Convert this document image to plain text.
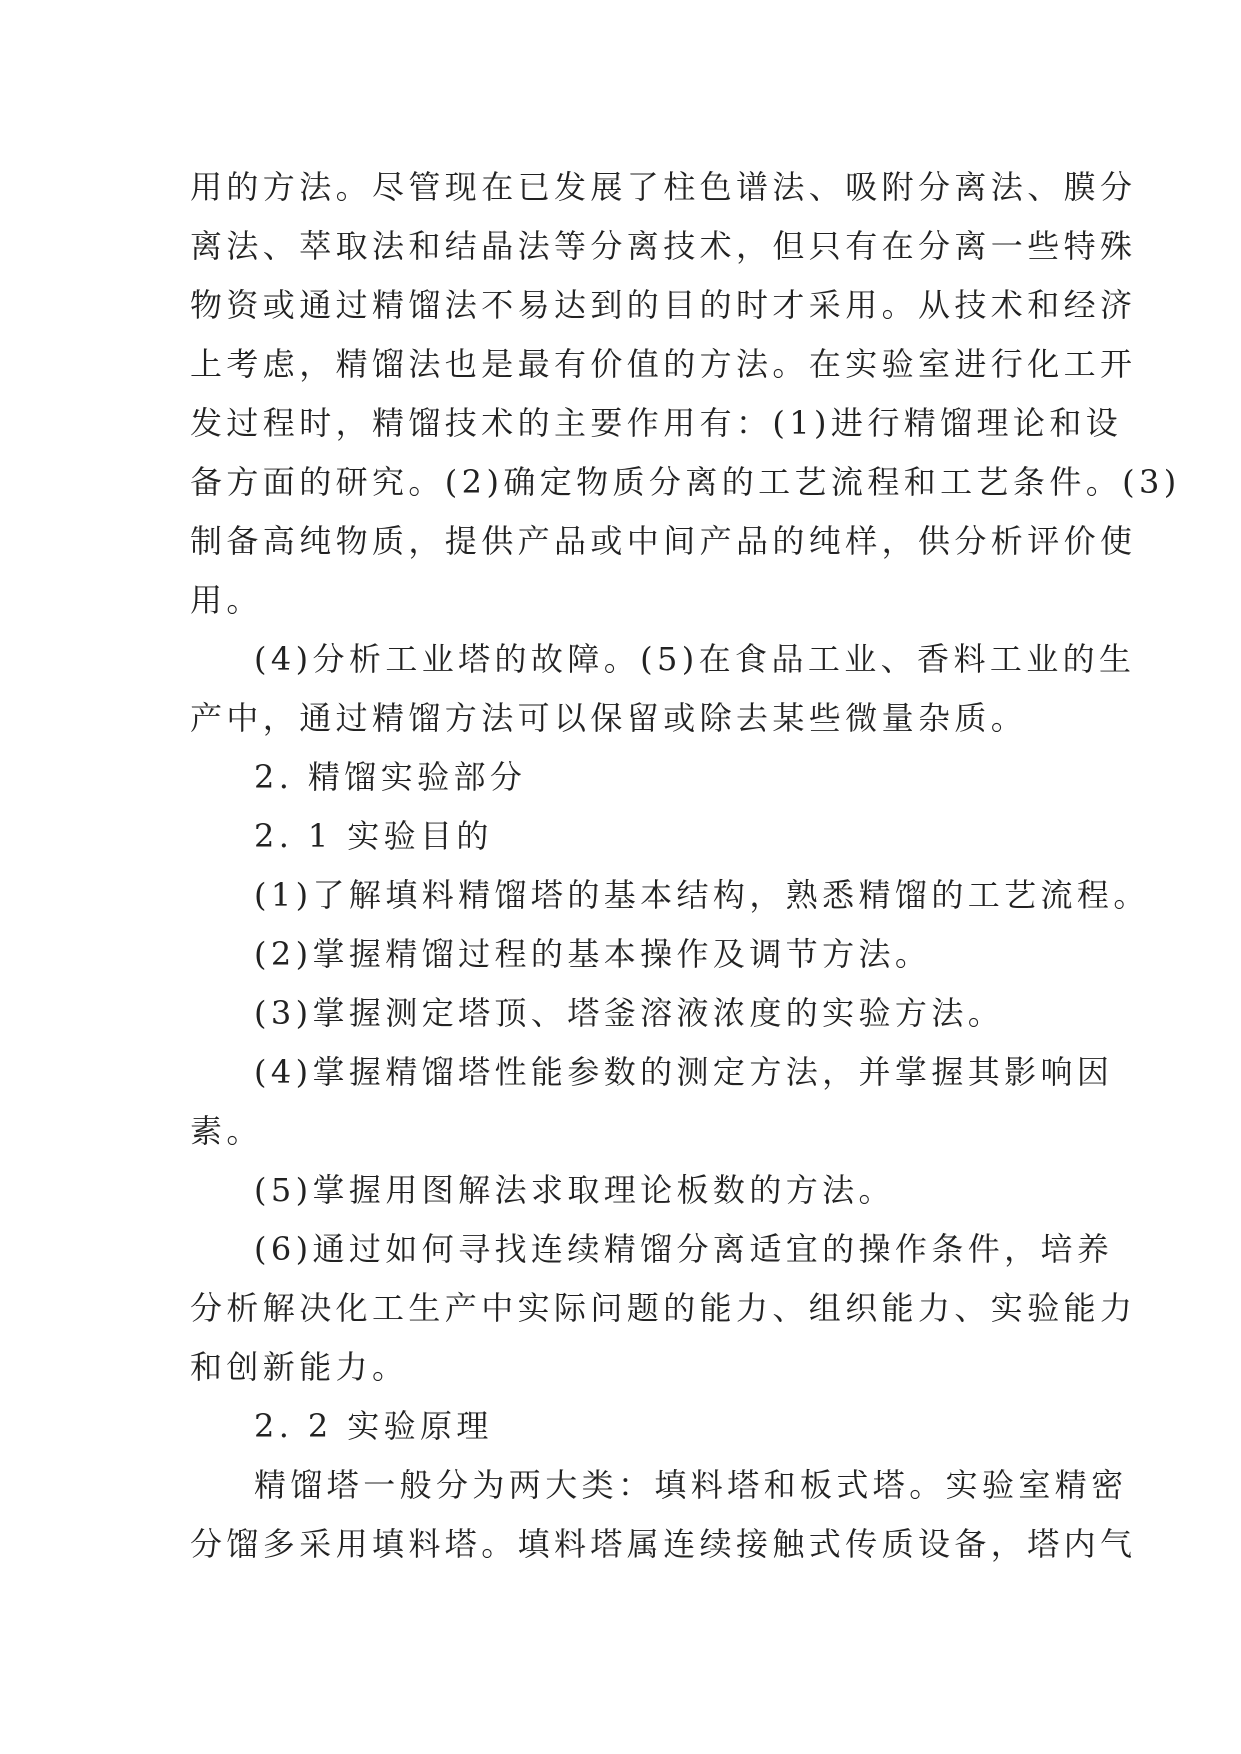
用的方法。尽管现在已发展了柱色谱法、吸附分离法、膜分
离法、萃取法和结晶法等分离技术，但只有在分离一些特殊
物资或通过精馏法不易达到的目的时才采用。从技术和经济
上考虑，精馏法也是最有价值的方法。在实验室进行化工开
发过程时，精馏技术的主要作用有：(1)进行精馏理论和设
备方面的研究。(2)确定物质分离的工艺流程和工艺条件。(3)
制备高纯物质，提供产品或中间产品的纯样，供分析评价使
用。
(4)分析工业塔的故障。(5)在食品工业、香料工业的生
产中，通过精馏方法可以保留或除去某些微量杂质。
2. 精馏实验部分
2. 1 实验目的
(1)了解填料精馏塔的基本结构，熟悉精馏的工艺流程。
(2)掌握精馏过程的基本操作及调节方法。
(3)掌握测定塔顶、塔釜溶液浓度的实验方法。
(4)掌握精馏塔性能参数的测定方法，并掌握其影响因
素。
(5)掌握用图解法求取理论板数的方法。
(6)通过如何寻找连续精馏分离适宜的操作条件，培养
分析解决化工生产中实际问题的能力、组织能力、实验能力
和创新能力。
2. 2 实验原理
精馏塔一般分为两大类：填料塔和板式塔。实验室精密
分馏多采用填料塔。填料塔属连续接触式传质设备，塔内气
